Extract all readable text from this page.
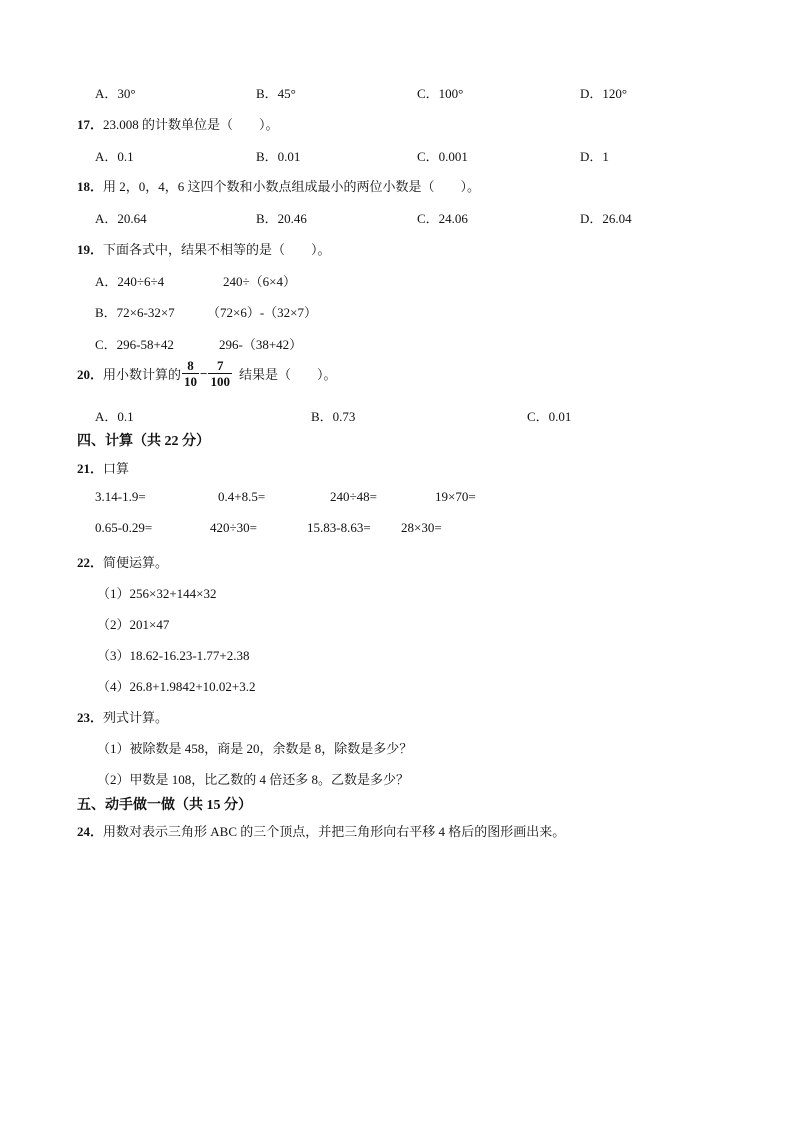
A．30°	B．45°	C．100°	D．120°
17．23.008 的计数单位是（　　）。
A．0.1	B．0.01	C．0.001	D．1
18．用 2，0，4，6 这四个数和小数点组成最小的两位小数是（　　）。
A．20.64	B．20.46	C．24.06	D．26.04
19．下面各式中，结果不相等的是（　　）。
A．240÷6÷4	240÷（6×4）
B．72×6-32×7 （72×6）-（32×7）
C．296-58+42	296-（38+42）
20． 用小数计算的 $\frac{8}{10} - \frac{7}{100}$ 结果是（　　）。
A．0.1	B．0.73	C．0.01
四、计算（共 22 分）
21．口算
3.14-1.9=	0.4+8.5=	240÷48=	19×70=
0.65-0.29=	420÷30=	15.83-8.63= 28×30=
22．简便运算。
（1）256×32+144×32
（2）201×47
（3）18.62-16.23-1.77+2.38
（4）26.8+1.9842+10.02+3.2
23．列式计算。
（1）被除数是 458，商是 20，余数是 8，除数是多少？
（2）甲数是 108，比乙数的 4 倍还多 8。乙数是多少？
五、动手做一做（共 15 分）
24．用数对表示三角形 ABC 的三个顶点，并把三角形向右平移 4 格后的图形画出来。
